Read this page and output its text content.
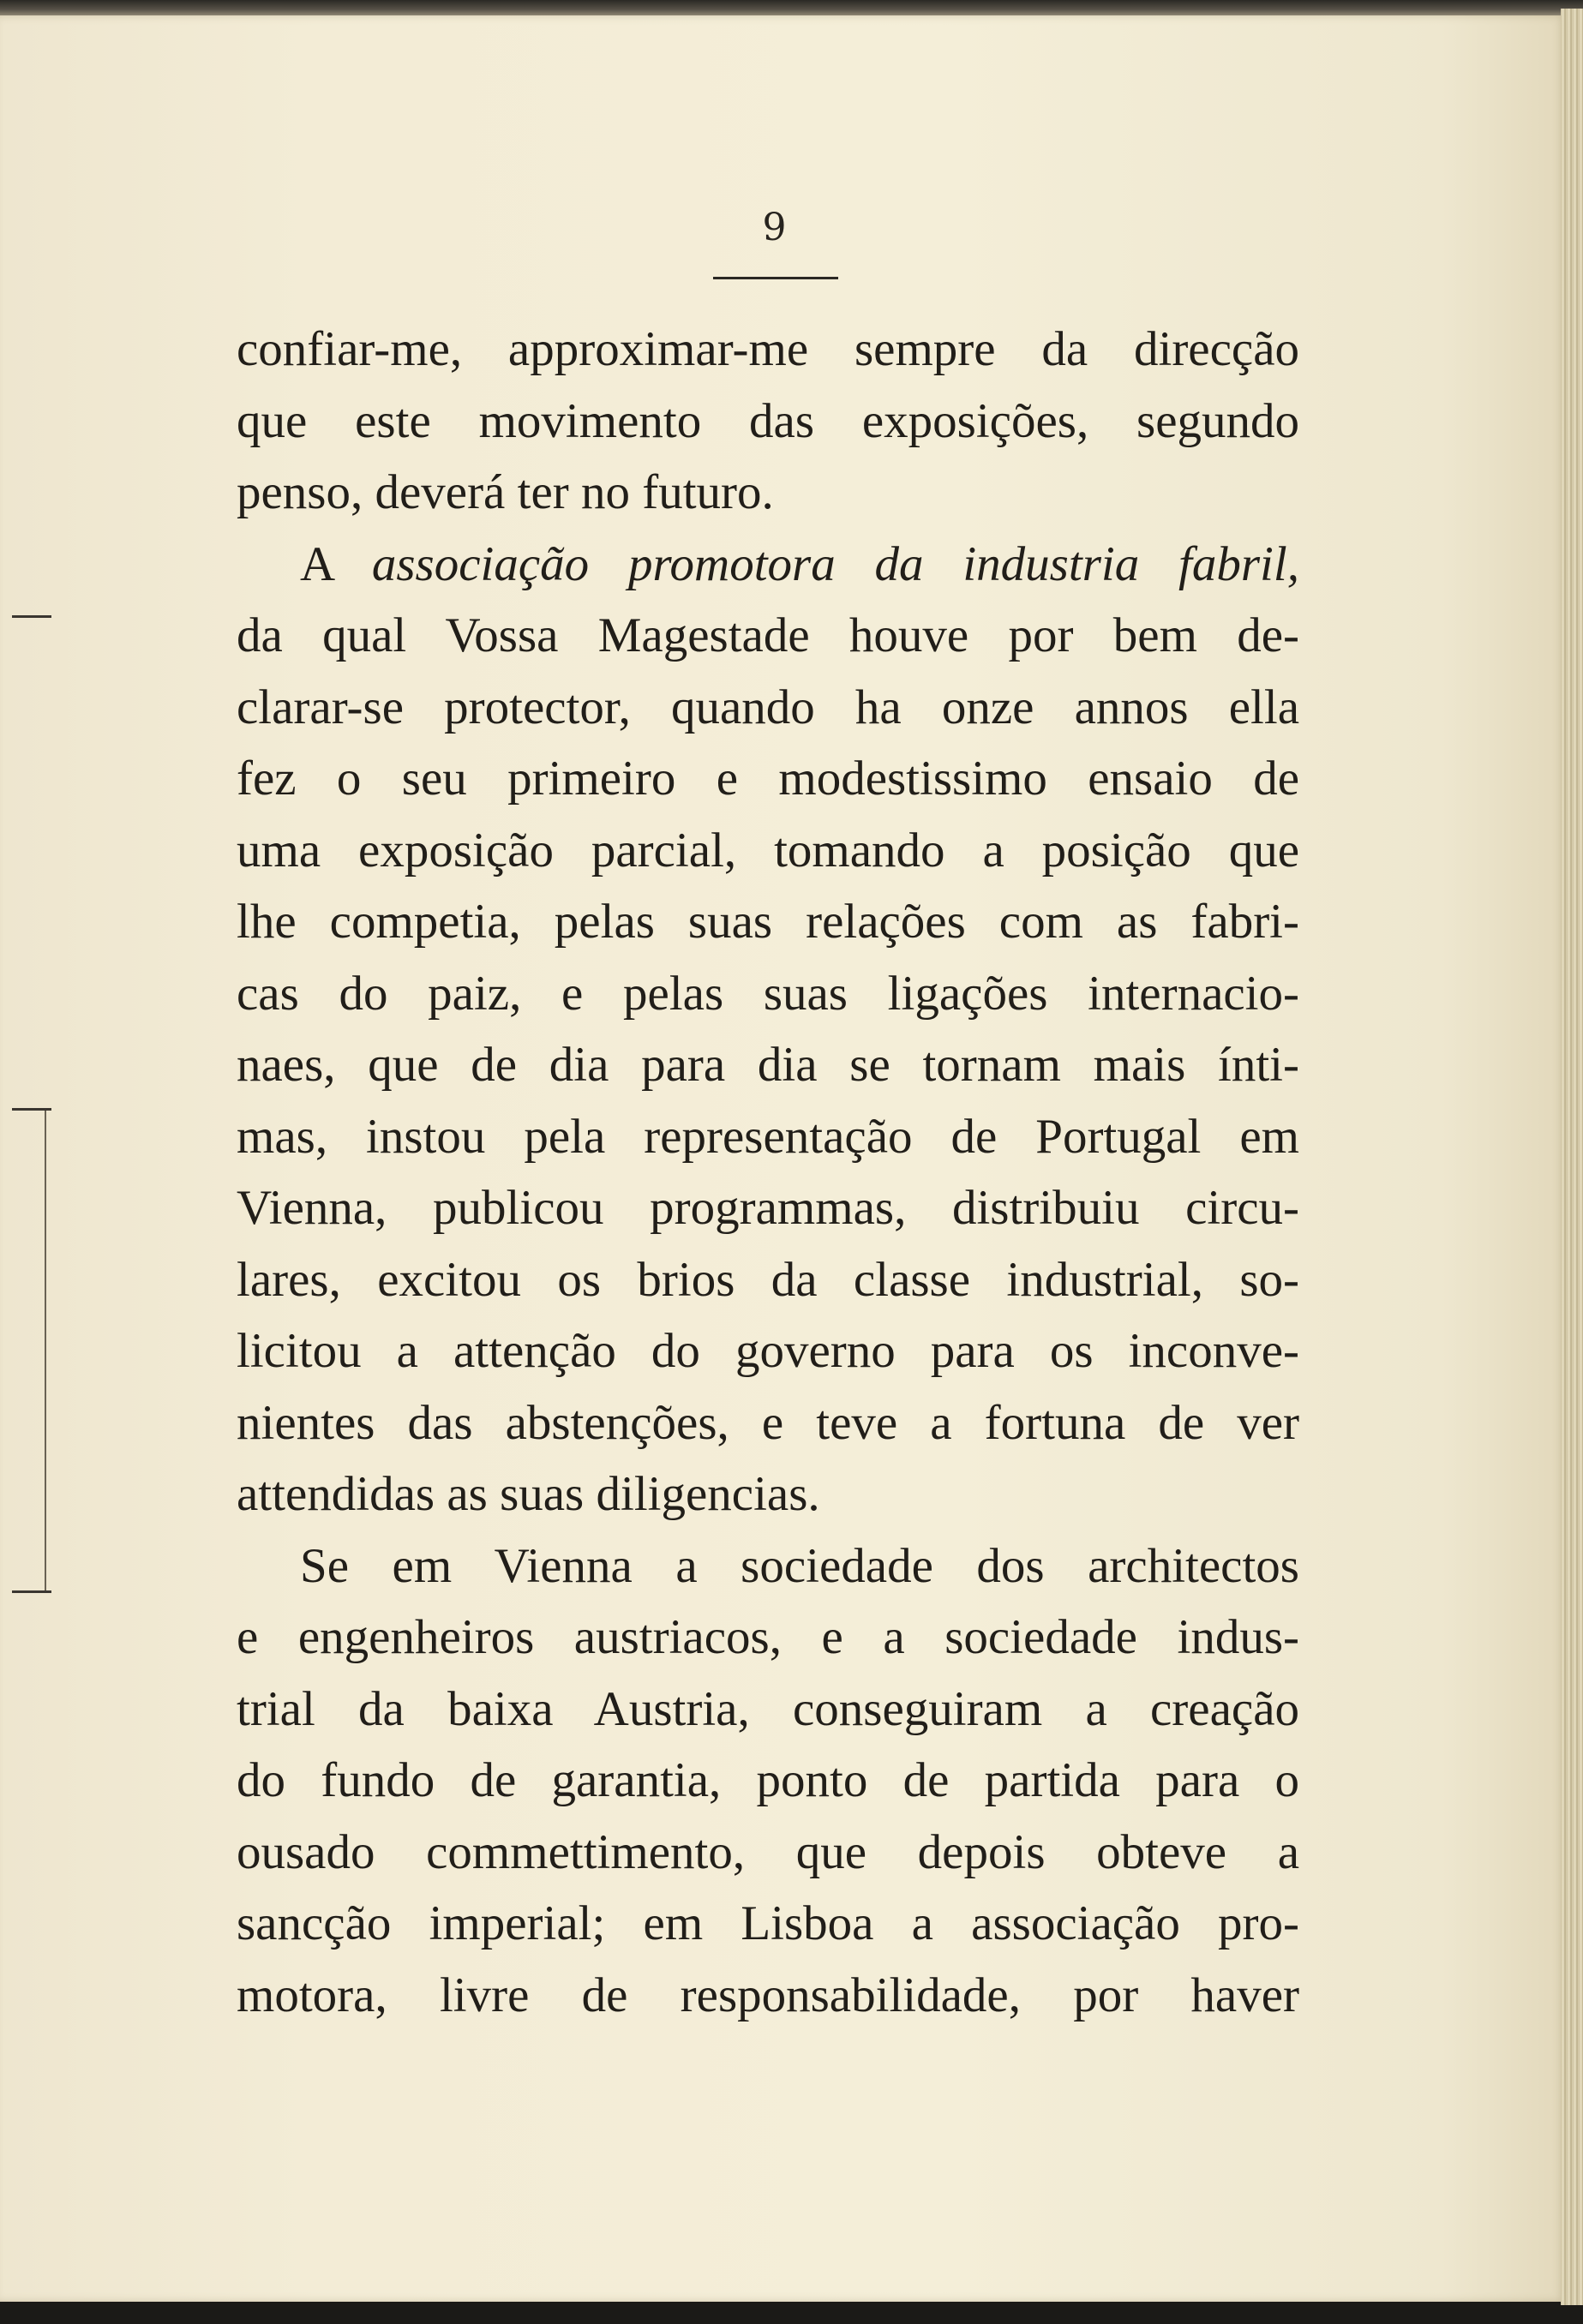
9
confiar-me, approximar-me sempre da direcção
que este movimento das exposições, segundo
penso, deverá ter no futuro.
A associação promotora da industria fabril,
da qual Vossa Magestade houve por bem de-
clarar-se protector, quando ha onze annos ella
fez o seu primeiro e modestissimo ensaio de
uma exposição parcial, tomando a posição que
lhe competia, pelas suas relações com as fabri-
cas do paiz, e pelas suas ligações internacio-
naes, que de dia para dia se tornam mais ínti-
mas, instou pela representação de Portugal em
Vienna, publicou programmas, distribuiu circu-
lares, excitou os brios da classe industrial, so-
licitou a attenção do governo para os inconve-
nientes das abstenções, e teve a fortuna de ver
attendidas as suas diligencias.
Se em Vienna a sociedade dos architectos
e engenheiros austriacos, e a sociedade indus-
trial da baixa Austria, conseguiram a creação
do fundo de garantia, ponto de partida para o
ousado commettimento, que depois obteve a
sancção imperial; em Lisboa a associação pro-
motora, livre de responsabilidade, por haver
